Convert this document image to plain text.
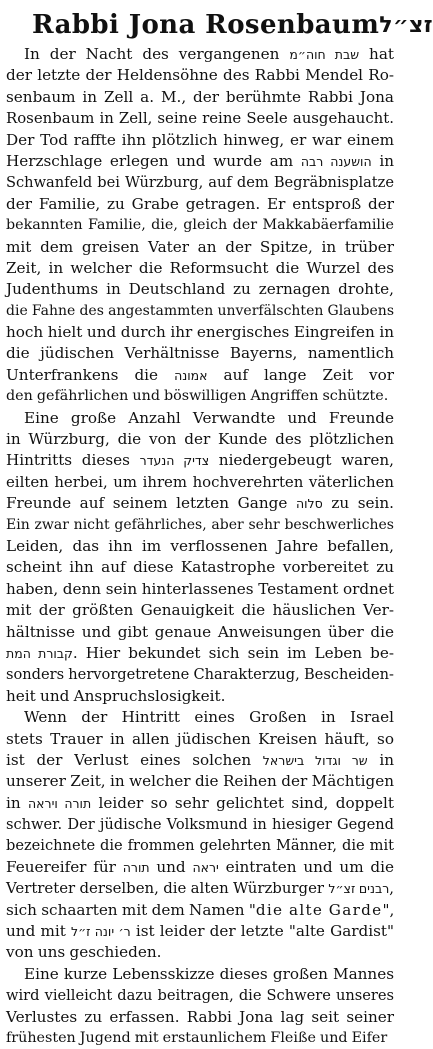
Rabbi Jona Rosenbaum זצ״ל
In der Nacht des vergangenen שבת חוה״מ hat
der letzte der Heldensöhne des Rabbi Mendel Ro-
senbaum in Zell a. M., der berühmte Rabbi Jona
Rosenbaum in Zell, seine reine Seele ausgehaucht.
Der Tod raffte ihn plötzlich hinweg, er war einem
Herzschlage erlegen und wurde am הושענה רבה in
Schwanfeld bei Würzburg, auf dem Begräbnisplatze
der Familie, zu Grabe getragen. Er entsproß der
bekannten Familie, die, gleich der Makkabäerfamilie
mit dem greisen Vater an der Spitze, in trüber
Zeit, in welcher die Reformsucht die Wurzel des
Judenthums in Deutschland zu zernagen drohte,
die Fahne des angestammten unverfälschten Glaubens
hoch hielt und durch ihr energisches Eingreifen in
die jüdischen Verhältnisse Bayerns, namentlich
Unterfrankens die אמונה auf lange Zeit vor
den gefährlichen und böswilligen Angriffen schützte.
Eine große Anzahl Verwandte und Freunde
in Würzburg, die von der Kunde des plötzlichen
Hintritts dieses צדיק הנעדר niedergebeugt waren,
eilten herbei, um ihrem hochverehrten väterlichen
Freunde auf seinem letzten Gange סלוה zu sein.
Ein zwar nicht gefährliches, aber sehr beschwerliches
Leiden, das ihn im verflossenen Jahre befallen,
scheint ihn auf diese Katastrophe vorbereitet zu
haben, denn sein hinterlassenes Testament ordnet
mit der größten Genauigkeit die häuslichen Ver-
hältnisse und gibt genaue Anweisungen über die
קבורת המת. Hier bekundet sich sein im Leben be-
sonders hervorgetretene Charakterzug, Bescheiden-
heit und Anspruchslosigkeit.
Wenn der Hintritt eines Großen in Israel
stets Trauer in allen jüdischen Kreisen häuft, so
ist der Verlust eines solchen שר וגדול בישראל in
unserer Zeit, in welcher die Reihen der Mächtigen
in תורה ויראה leider so sehr gelichtet sind, doppelt
schwer. Der jüdische Volksmund in hiesiger Gegend
bezeichnete die frommen gelehrten Männer, die mit
Feuereifer für תורה und יראה eintraten und um die
Vertreter derselben, die alten Würzburger רבנים זצ״ל,
sich schaarten mit dem Namen "die alte Garde",
und mit ר׳ יונה ז״ל ist leider der letzte "alte Gardist"
von uns geschieden.
Eine kurze Lebensskizze dieses großen Mannes
wird vielleicht dazu beitragen, die Schwere unseres
Verlustes zu erfassen. Rabbi Jona lag seit seiner
frühesten Jugend mit erstaunlichem Fleiße und Eifer
